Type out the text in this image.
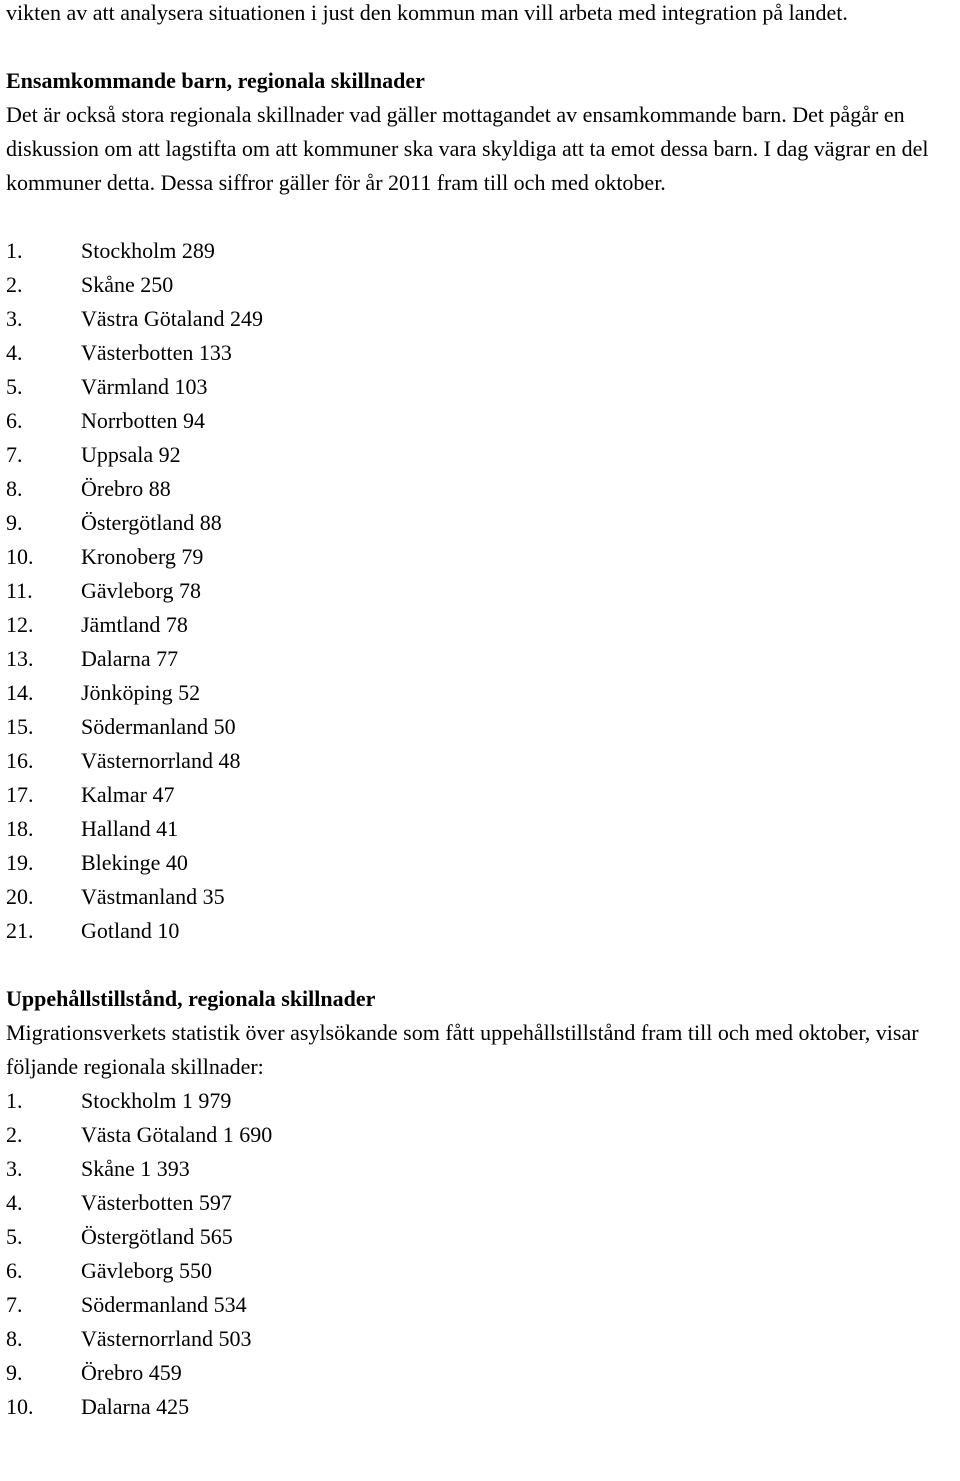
vikten av att analysera situationen i just den kommun man vill arbeta med integration på landet.

Ensamkommande barn, regionala skillnader

Det är också stora regionala skillnader vad gäller mottagandet av ensamkommande barn. Det pågår en diskussion om att lagstifta om att kommuner ska vara skyldiga att ta emot dessa barn. I dag vägrar en del kommuner detta. Dessa siffror gäller för år 2011 fram till och med oktober.

1.	Stockholm 289
2.	Skåne 250
3.	Västra Götaland 249
4.	Västerbotten 133
5.	Värmland 103
6.	Norrbotten 94
7.	Uppsala 92
8.	Örebro 88
9.	Östergötland 88
10.	Kronoberg 79
11.	Gävleborg 78
12.	Jämtland 78
13.	Dalarna 77
14.	Jönköping 52
15.	Södermanland 50
16.	Västernorrland 48
17.	Kalmar 47
18.	Halland 41
19.	Blekinge 40
20.	Västmanland 35
21.	Gotland 10

Uppehållstillstånd, regionala skillnader

Migrationsverkets statistik över asylsökande som fått uppehållstillstånd fram till och med oktober, visar följande regionala skillnader:

1.	Stockholm 1 979
2.	Västa Götaland 1 690
3.	Skåne 1 393
4.	Västerbotten 597
5.	Östergötland 565
6.	Gävleborg 550
7.	Södermanland 534
8.	Västernorrland 503
9.	Örebro 459
10.	Dalarna 425
